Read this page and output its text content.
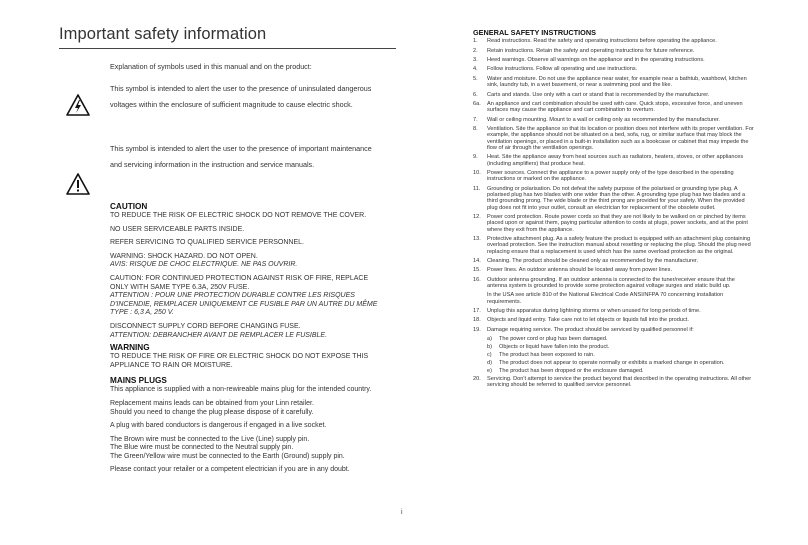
Important safety information
Explanation of symbols used in this manual and on the product:
This symbol is intended to alert the user to the presence of uninsulated dangerous voltages within the enclosure of sufficient magnitude to cause electric shock.
This symbol is intended to alert the user to the presence of important maintenance and servicing information in the instruction and service manuals.

CAUTION

TO REDUCE THE RISK OF ELECTRIC SHOCK DO NOT REMOVE THE COVER.

NO USER SERVICEABLE PARTS INSIDE.

REFER SERVICING TO QUALIFIED SERVICE PERSONNEL.

WARNING: SHOCK HAZARD. DO NOT OPEN.

AVIS: RISQUE DE CHOC ELECTRIQUE. NE PAS OUVRIR.

CAUTION: FOR CONTINUED PROTECTION AGAINST RISK OF FIRE, REPLACE ONLY WITH SAME TYPE 6.3A, 250V FUSE.

ATTENTION : POUR UNE PROTECTION DURABLE CONTRE LES RISQUES D'INCENDIE, REMPLACER UNIQUEMENT CE FUSIBLE PAR UN AUTRE DU MÊME TYPE : 6,3 A, 250 V.

DISCONNECT SUPPLY CORD BEFORE CHANGING FUSE.

ATTENTION: DEBRANCHER AVANT DE REMPLACER LE FUSIBLE.

WARNING

TO REDUCE THE RISK OF FIRE OR ELECTRIC SHOCK DO NOT EXPOSE THIS APPLIANCE TO RAIN OR MOISTURE.

MAINS PLUGS

This appliance is supplied with a non-rewireable mains plug for the intended country.

Replacement mains leads can be obtained from your Linn retailer.

Should you need to change the plug please dispose of it carefully.

A plug with bared conductors is dangerous if engaged in a live socket.

The Brown wire must be connected to the Live (Line) supply pin.

The Blue wire must be connected to the Neutral supply pin.

The Green/Yellow wire must be connected to the Earth (Ground) supply pin.

Please contact your retailer or a competent electrician if you are in any doubt.

i
GENERAL SAFETY INSTRUCTIONS
1.	Read instructions. Read the safety and operating instructions before operating the appliance.
2.	Retain instructions. Retain the safety and operating instructions for future reference.
3.	Heed warnings. Observe all warnings on the appliance and in the operating instructions.
4.	Follow instructions. Follow all operating and use instructions.
5.	Water and moisture. Do not use the appliance near water, for example near a bathtub, washbowl, kitchen sink, laundry tub, in a wet basement, or near a swimming pool and the like.
6.	Carts and stands. Use only with a cart or stand that is recommended by the manufacturer.
6a.	An appliance and cart combination should be used with care. Quick stops, excessive force, and uneven surfaces may cause the appliance and cart combination to overturn.
7.	Wall or ceiling mounting. Mount to a wall or ceiling only as recommended by the manufacturer.
8.	Ventilation. Site the appliance so that its location or position does not interfere with its proper ventilation. For example, the appliance should not be situated on a bed, sofa, rug, or similar surface that may block the ventilation openings, or placed in a built-in installation such as a bookcase or cabinet that may impede the flow of air through the ventilation openings.
9.	Heat. Site the appliance away from heat sources such as radiators, heaters, stoves, or other appliances (including amplifiers) that produce heat.
10.	Power sources. Connect the appliance to a power supply only of the type described in the operating instructions or marked on the appliance.
11.	Grounding or polarisation. Do not defeat the safety purpose of the polarised or grounding type plug. A polarised plug has two blades with one wider than the other. A grounding type plug has two blades and a third grounding prong. The wide blade or the third prong are provided for your safety. When the provided plug does not fit into your outlet, consult an electrician for replacement of the obsolete outlet.
12.	Power cord protection. Route power cords so that they are not likely to be walked on or pinched by items placed upon or against them, paying particular attention to cords at plugs, power sockets, and at the point where they exit from the appliance.
13.	Protective attachment plug. As a safety feature the product is equipped with an attachment plug containing overload protection. See the instruction manual about resetting or replacing the plug. Should the plug need replacing ensure that a replacement is used which has the same overload protection as the original.
14.	Cleaning. The product should be cleaned only as recommended by the manufacturer.
15.	Power lines. An outdoor antenna should be located away from power lines.
16.	Outdoor antenna grounding. If an outdoor antenna is connected to the tuner/receiver ensure that the antenna system is grounded to provide some protection against voltage surges and static build up.
In the USA see article 810 of the National Electrical Code ANSI/NFPA 70 concerning installation requirements.
17.	Unplug this apparatus during lightning storms or when unused for long periods of time.
18.	Objects and liquid entry. Take care not to let objects or liquids fall into the product.
19.	Damage requiring service. The product should be serviced by qualified personnel if:
a)	The power cord or plug has been damaged.
b)	Objects or liquid have fallen into the product.
c)	The product has been exposed to rain.
d)	The product does not appear to operate normally or exhibits a marked change in operation.
e)	The product has been dropped or the enclosure damaged.
20.	Servicing. Don't attempt to service the product beyond that described in the operating instructions. All other servicing should be referred to qualified service personnel.
